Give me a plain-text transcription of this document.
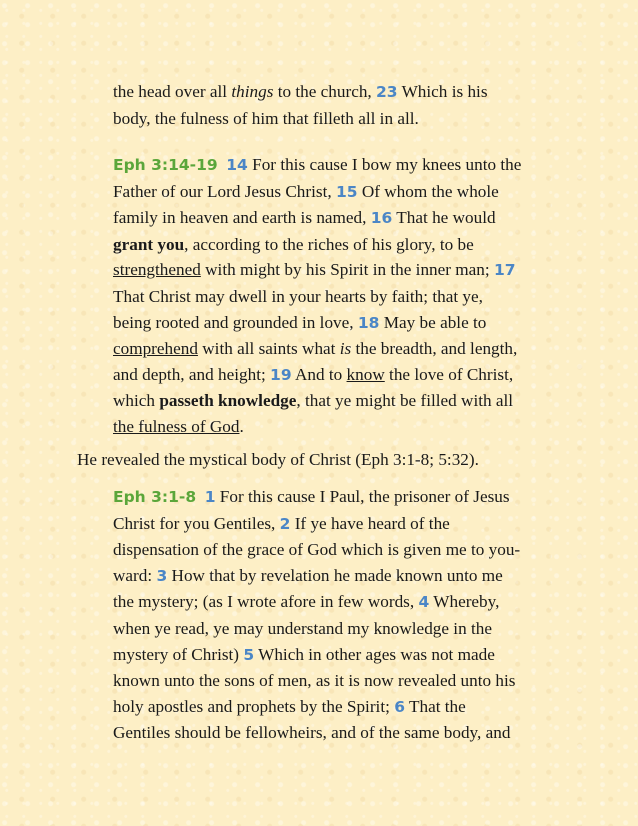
the head over all things to the church, 23 Which is his
body, the fulness of him that filleth all in all.
Eph 3:14-19 14 For this cause I bow my knees unto the
Father of our Lord Jesus Christ, 15 Of whom the whole
family in heaven and earth is named, 16 That he would
grant you, according to the riches of his glory, to be
strengthened with might by his Spirit in the inner man; 17
That Christ may dwell in your hearts by faith; that ye,
being rooted and grounded in love, 18 May be able to
comprehend with all saints what is the breadth, and length,
and depth, and height; 19 And to know the love of Christ,
which passeth knowledge, that ye might be filled with all
the fulness of God.
He revealed the mystical body of Christ (Eph 3:1-8; 5:32).
Eph 3:1-8 1 For this cause I Paul, the prisoner of Jesus
Christ for you Gentiles, 2 If ye have heard of the
dispensation of the grace of God which is given me to you-
ward: 3 How that by revelation he made known unto me
the mystery; (as I wrote afore in few words, 4 Whereby,
when ye read, ye may understand my knowledge in the
mystery of Christ) 5 Which in other ages was not made
known unto the sons of men, as it is now revealed unto his
holy apostles and prophets by the Spirit; 6 That the
Gentiles should be fellowheirs, and of the same body, and
